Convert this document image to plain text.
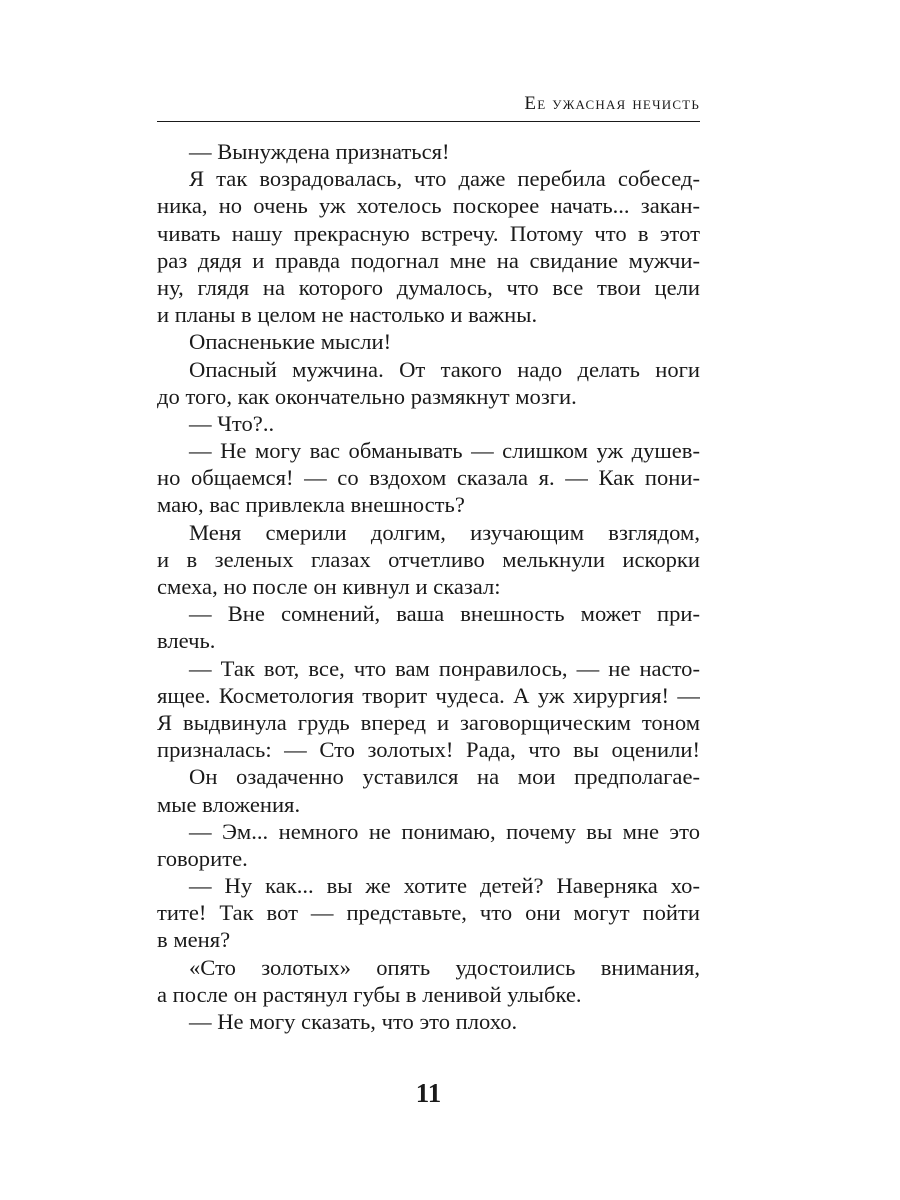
Ее ужасная нечисть
— Вынуждена признаться!
Я так возрадовалась, что даже перебила собесед-
ника, но очень уж хотелось поскорее начать... закан-
чивать нашу прекрасную встречу. Потому что в этот
раз дядя и правда подогнал мне на свидание мужчи-
ну, глядя на которого думалось, что все твои цели
и планы в целом не настолько и важны.
Опасненькие мысли!
Опасный мужчина. От такого надо делать ноги
до того, как окончательно размякнут мозги.
— Что?..
— Не могу вас обманывать — слишком уж душев-
но общаемся! — со вздохом сказала я. — Как пони-
маю, вас привлекла внешность?
Меня смерили долгим, изучающим взглядом,
и в зеленых глазах отчетливо мелькнули искорки
смеха, но после он кивнул и сказал:
— Вне сомнений, ваша внешность может при-
влечь.
— Так вот, все, что вам понравилось, — не насто-
ящее. Косметология творит чудеса. А уж хирургия! —
Я выдвинула грудь вперед и заговорщическим тоном
призналась: — Сто золотых! Рада, что вы оценили!
Он озадаченно уставился на мои предполагае-
мые вложения.
— Эм... немного не понимаю, почему вы мне это
говорите.
— Ну как... вы же хотите детей? Наверняка хо-
тите! Так вот — представьте, что они могут пойти
в меня?
«Сто золотых» опять удостоились внимания,
а после он растянул губы в ленивой улыбке.
— Не могу сказать, что это плохо.
11
